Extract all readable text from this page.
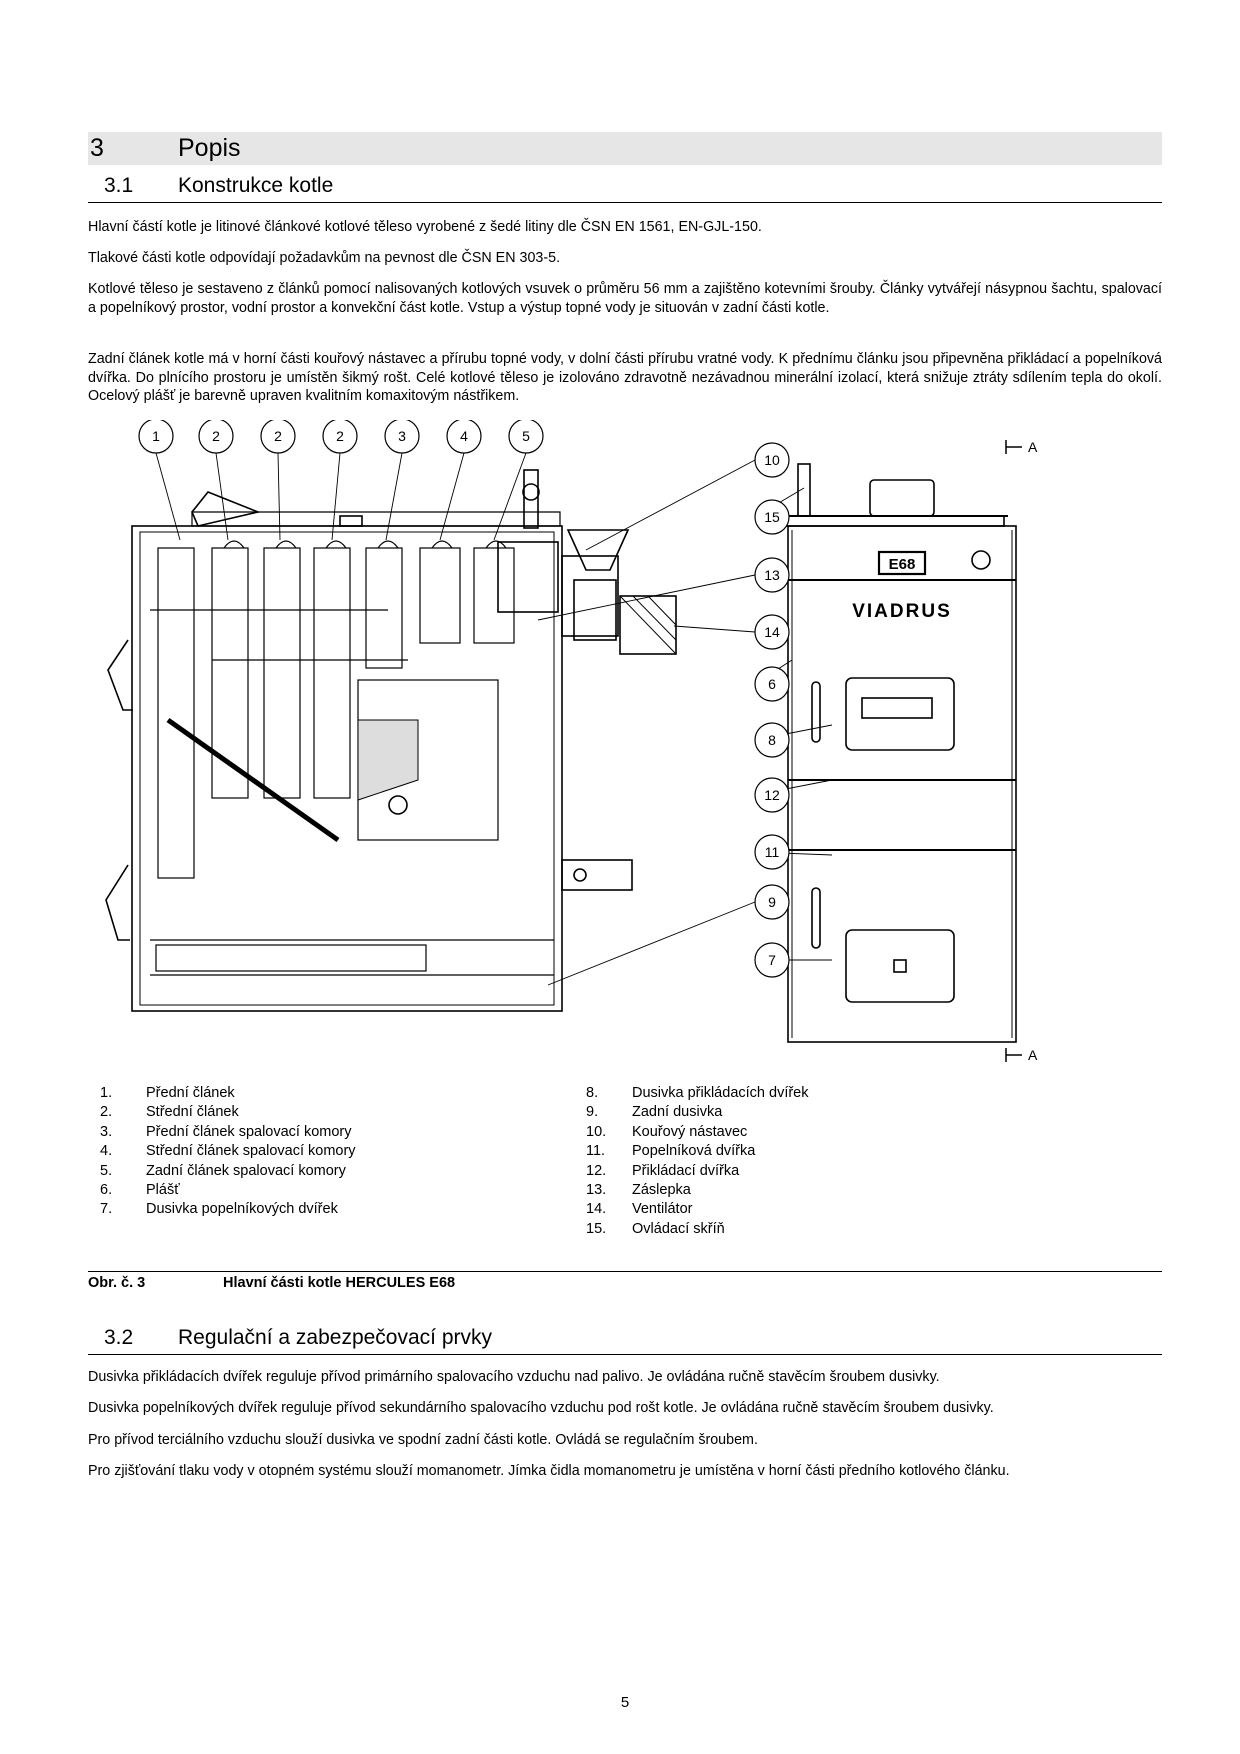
3	Popis
3.1 Konstrukce kotle
Hlavní částí kotle je litinové článkové kotlové těleso vyrobené z šedé litiny dle ČSN EN 1561, EN-GJL-150.
Tlakové části kotle odpovídají požadavkům na pevnost dle ČSN EN 303-5.
Kotlové těleso je sestaveno z článků pomocí nalisovaných kotlových vsuvek o průměru 56 mm a zajištěno kotevními šrouby. Články vytvářejí násypnou šachtu, spalovací a popelníkový prostor, vodní prostor a konvekční část kotle. Vstup a výstup topné vody je situován v zadní části kotle.
Zadní článek kotle má v horní části kouřový nástavec a přírubu topné vody, v dolní části přírubu vratné vody. K přednímu článku jsou připevněna přikládací a popelníková dvířka. Do plnícího prostoru je umístěn šikmý rošt. Celé kotlové těleso je izolováno zdravotně nezávadnou minerální izolací, která snižuje ztráty sdílením tepla do okolí. Ocelový plášť je barevně upraven kvalitním komaxitovým nástřikem.
A
A
E68
VIADRUS
1	2	2	2	3	4	5
10
15
13
14
6
8
12
11
9
7
1.	Přední článek
2.	Střední článek
3.	Přední článek spalovací komory
4.	Střední článek spalovací komory
5.	Zadní článek spalovací komory
6.	Plášť
7.	Dusivka popelníkových dvířek
8.	Dusivka přikládacích dvířek
9.	Zadní dusivka
10.	Kouřový nástavec
11.	Popelníková dvířka
12.	Přikládací dvířka
13.	Záslepka
14.	Ventilátor
15.	Ovládací skříň
Obr. č. 3	Hlavní části kotle HERCULES E68
3.2 Regulační a zabezpečovací prvky
Dusivka přikládacích dvířek reguluje přívod primárního spalovacího vzduchu nad palivo. Je ovládána ručně stavěcím šroubem dusivky.
Dusivka popelníkových dvířek reguluje přívod sekundárního spalovacího vzduchu pod rošt kotle. Je ovládána ručně stavěcím šroubem dusivky.
Pro přívod terciálního vzduchu slouží dusivka ve spodní zadní části kotle. Ovládá se regulačním šroubem.
Pro zjišťování tlaku vody v otopném systému slouží momanometr. Jímka čidla momanometru je umístěna v horní části předního kotlového článku.
5
